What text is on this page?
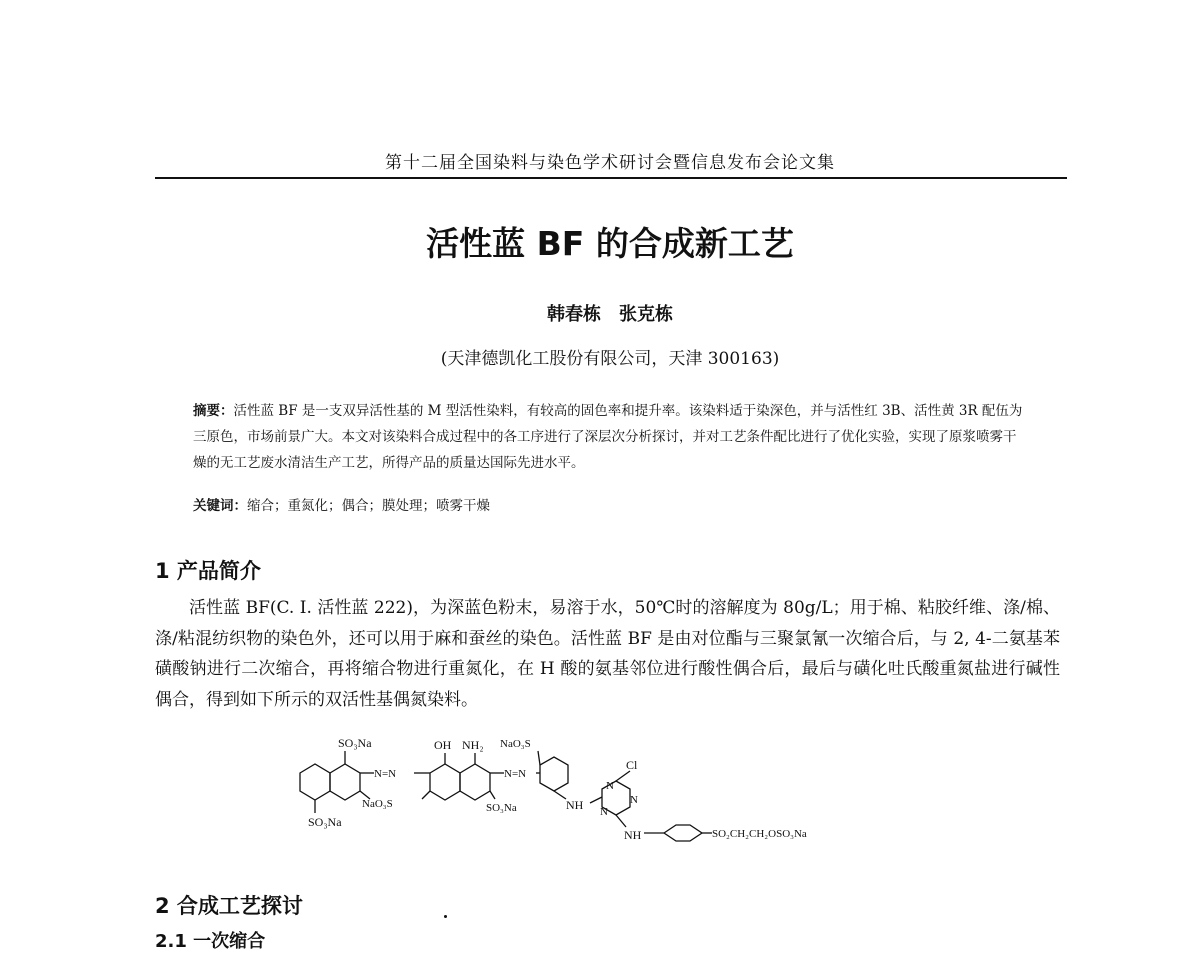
第十二届全国染料与染色学术研讨会暨信息发布会论文集
活性蓝 BF 的合成新工艺
韩春栋　张克栋
(天津德凯化工股份有限公司，天津 300163)
摘要：活性蓝 BF 是一支双异活性基的 M 型活性染料，有较高的固色率和提升率。该染料适于染深色，并与活性红 3B、活性黄 3R 配伍为三原色，市场前景广大。本文对该染料合成过程中的各工序进行了深层次分析探讨，并对工艺条件配比进行了优化实验，实现了原浆喷雾干燥的无工艺废水清洁生产工艺，所得产品的质量达国际先进水平。
关键词：缩合；重氮化；偶合；膜处理；喷雾干燥
1 产品简介

活性蓝 BF(C. I. 活性蓝 222)，为深蓝色粉末，易溶于水，50℃时的溶解度为 80g/L；用于棉、粘胶纤维、涤/棉、涤/粘混纺织物的染色外，还可以用于麻和蚕丝的染色。活性蓝 BF 是由对位酯与三聚氯氰一次缩合后，与 2, 4-二氨基苯磺酸钠进行二次缩合，再将缩合物进行重氮化，在 H 酸的氨基邻位进行酸性偶合后，最后与磺化吐氏酸重氮盐进行碱性偶合，得到如下所示的双活性基偶氮染料。

SO₃Na
SO₃Na
N=N
NaO₃S
OH NH₂ NaO₃S
N=N
SO₃Na	NH
Cl
N
N
N
NH	SO₂CH₂CH₂OSO₃Na
2 合成工艺探讨
2.1 一次缩合
